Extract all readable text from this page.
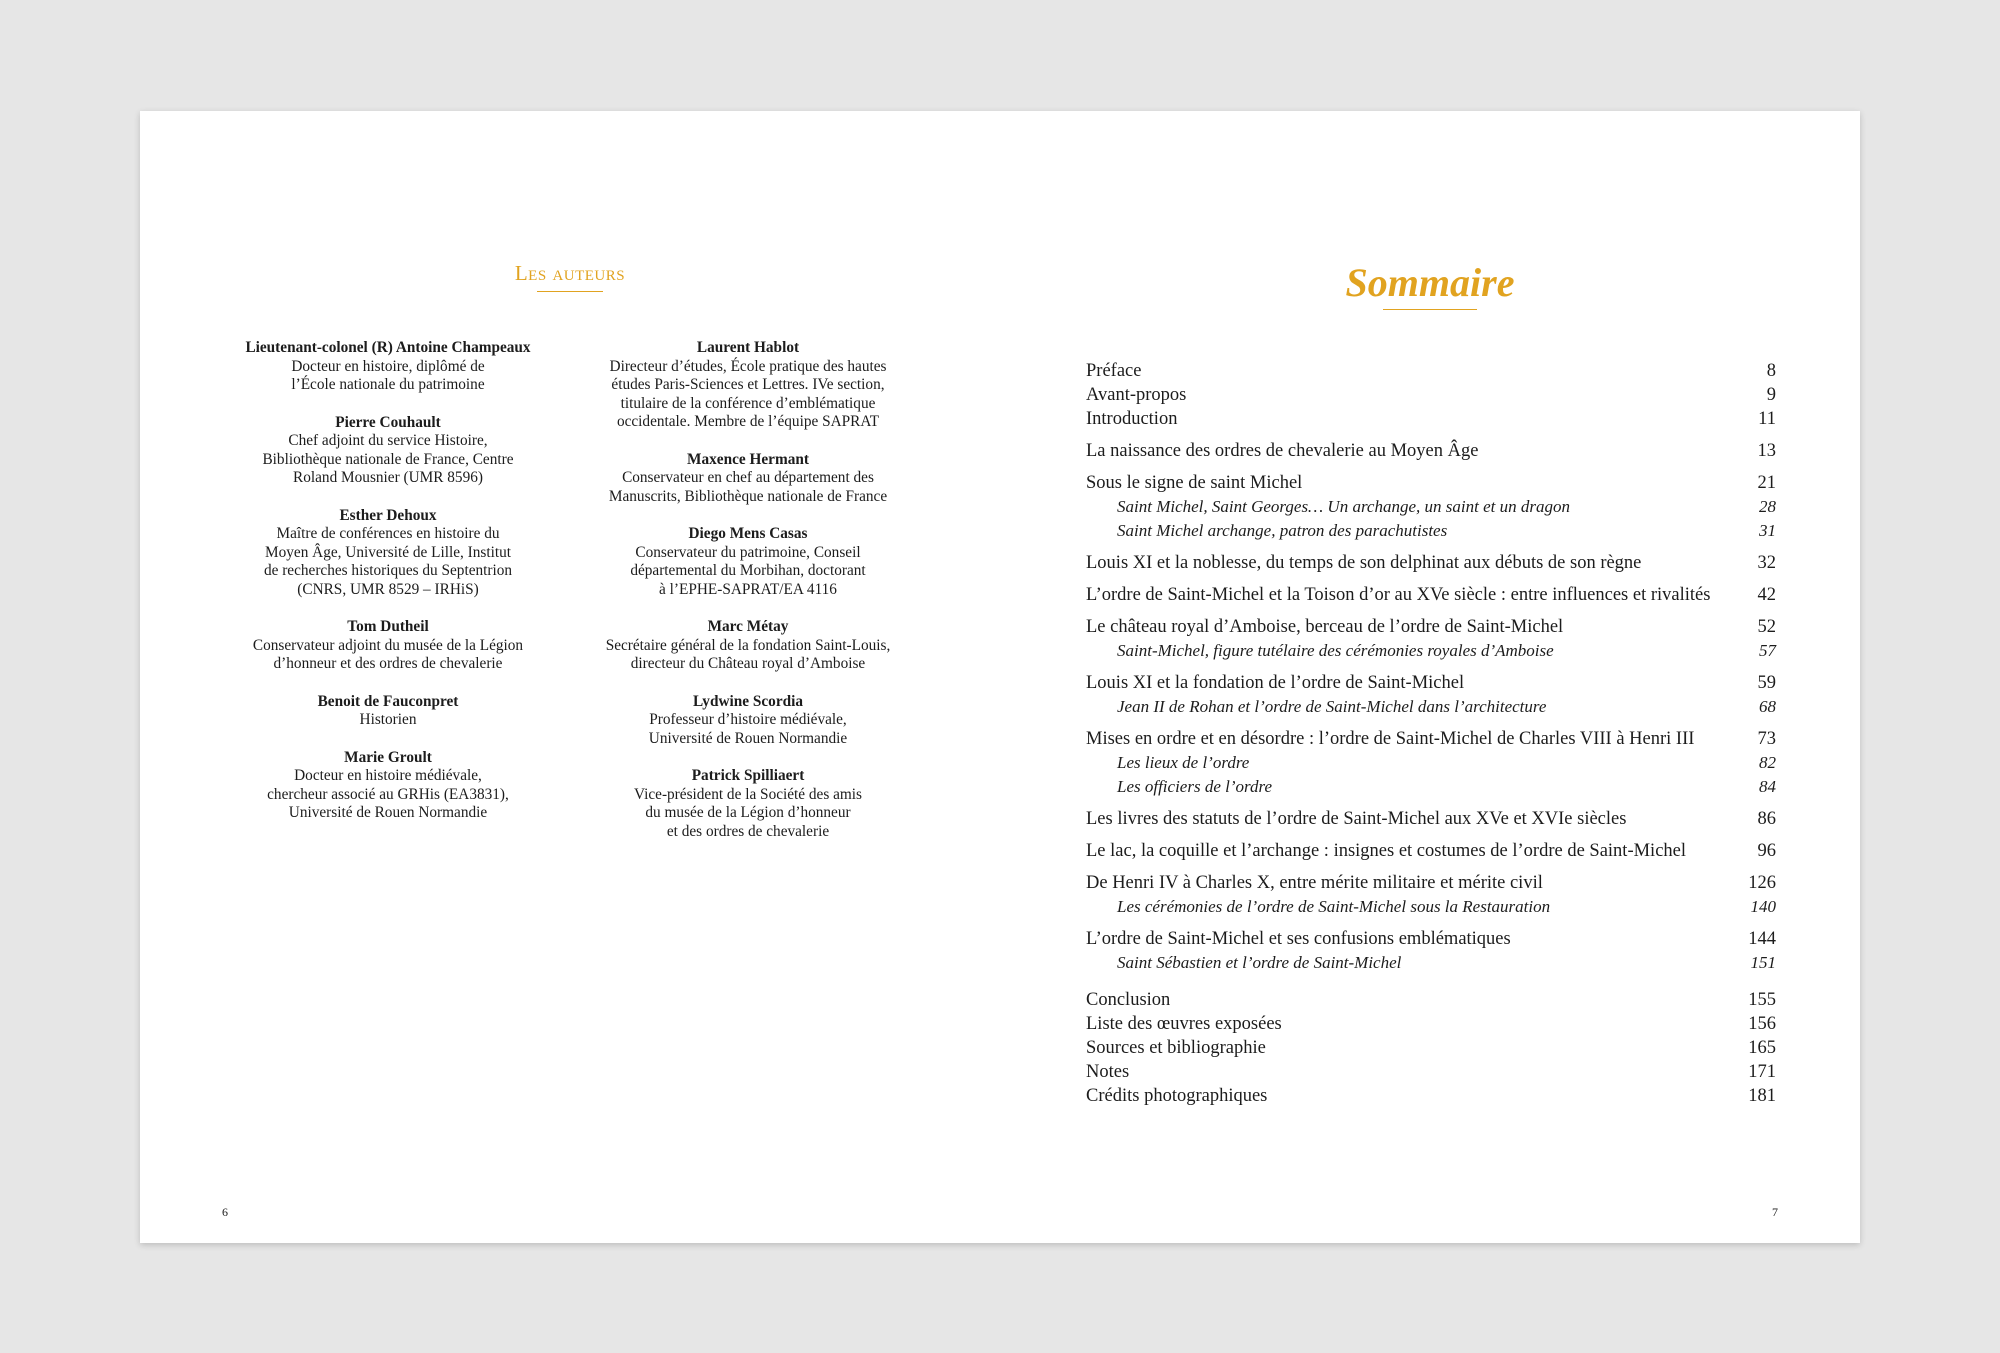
Les auteurs
Lieutenant-colonel (R) Antoine Champeaux
Docteur en histoire, diplômé de
l’École nationale du patrimoine
Pierre Couhault
Chef adjoint du service Histoire,
Bibliothèque nationale de France, Centre
Roland Mousnier (UMR 8596)
Esther Dehoux
Maître de conférences en histoire du
Moyen Âge, Université de Lille, Institut
de recherches historiques du Septentrion
(CNRS, UMR 8529 – IRHiS)
Tom Dutheil
Conservateur adjoint du musée de la Légion
d’honneur et des ordres de chevalerie
Benoit de Fauconpret
Historien
Marie Groult
Docteur en histoire médiévale,
chercheur associé au GRHis (EA3831),
Université de Rouen Normandie
Laurent Hablot
Directeur d’études, École pratique des hautes
études Paris-Sciences et Lettres. IVe section,
titulaire de la conférence d’emblématique
occidentale. Membre de l’équipe SAPRAT
Maxence Hermant
Conservateur en chef au département des
Manuscrits, Bibliothèque nationale de France
Diego Mens Casas
Conservateur du patrimoine, Conseil
départemental du Morbihan, doctorant
à l’EPHE-SAPRAT/EA 4116
Marc Métay
Secrétaire général de la fondation Saint-Louis,
directeur du Château royal d’Amboise
Lydwine Scordia
Professeur d’histoire médiévale,
Université de Rouen Normandie
Patrick Spilliaert
Vice-président de la Société des amis
du musée de la Légion d’honneur
et des ordres de chevalerie
6
Sommaire
Préface	8
Avant-propos	9
Introduction	11
La naissance des ordres de chevalerie au Moyen Âge	13
Sous le signe de saint Michel	21
Saint Michel, Saint Georges… Un archange, un saint et un dragon	28
Saint Michel archange, patron des parachutistes	31
Louis XI et la noblesse, du temps de son delphinat aux débuts de son règne	32
L’ordre de Saint-Michel et la Toison d’or au XVe siècle : entre influences et rivalités	42
Le château royal d’Amboise, berceau de l’ordre de Saint-Michel	52
Saint-Michel, figure tutélaire des cérémonies royales d’Amboise	57
Louis XI et la fondation de l’ordre de Saint-Michel	59
Jean II de Rohan et l’ordre de Saint-Michel dans l’architecture	68
Mises en ordre et en désordre : l’ordre de Saint-Michel de Charles VIII à Henri III	73
Les lieux de l’ordre	82
Les officiers de l’ordre	84
Les livres des statuts de l’ordre de Saint-Michel aux XVe et XVIe siècles	86
Le lac, la coquille et l’archange : insignes et costumes de l’ordre de Saint-Michel	96
De Henri IV à Charles X, entre mérite militaire et mérite civil	126
Les cérémonies de l’ordre de Saint-Michel sous la Restauration	140
L’ordre de Saint-Michel et ses confusions emblématiques	144
Saint Sébastien et l’ordre de Saint-Michel	151
Conclusion	155
Liste des œuvres exposées	156
Sources et bibliographie	165
Notes	171
Crédits photographiques	181
7
